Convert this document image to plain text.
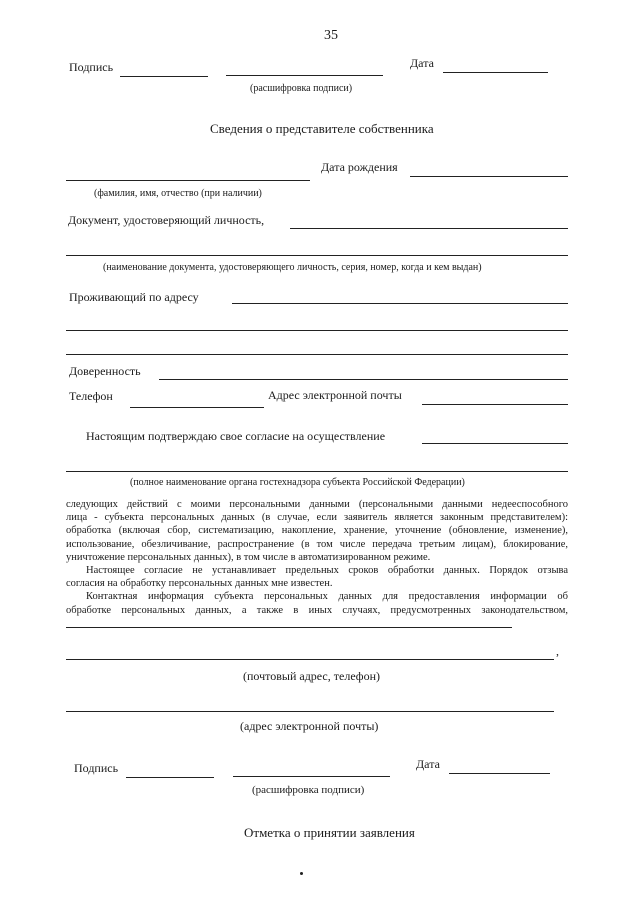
35
Подпись	Дата
(расшифровка подписи)
Сведения о представителе собственника
Дата рождения
(фамилия, имя, отчество (при наличии)
Документ, удостоверяющий личность,
(наименование документа, удостоверяющего личность, серия, номер, когда и кем выдан)
Проживающий по адресу
Доверенность
Телефон	Адрес электронной почты
Настоящим подтверждаю свое согласие на осуществление
(полное наименование органа гостехнадзора субъекта Российской Федерации)
следующих действий с моими персональными данными (персональными данными недееспособного
лица - субъекта персональных данных (в случае, если заявитель является законным представителем):
обработка (включая сбор, систематизацию, накопление, хранение, уточнение (обновление, изменение),
использование, обезличивание, распространение (в том числе передача третьим лицам), блокирование,
уничтожение персональных данных), в том числе в автоматизированном режиме.
Настоящее согласие не устанавливает предельных сроков обработки данных. Порядок отзыва
согласия на обработку персональных данных мне известен.
Контактная информация субъекта персональных данных для предоставления информации об
обработке персональных данных, а также в иных случаях, предусмотренных законодательством,
,
(почтовый адрес, телефон)
(адрес электронной почты)
Подпись	Дата
(расшифровка подписи)
Отметка о принятии заявления
